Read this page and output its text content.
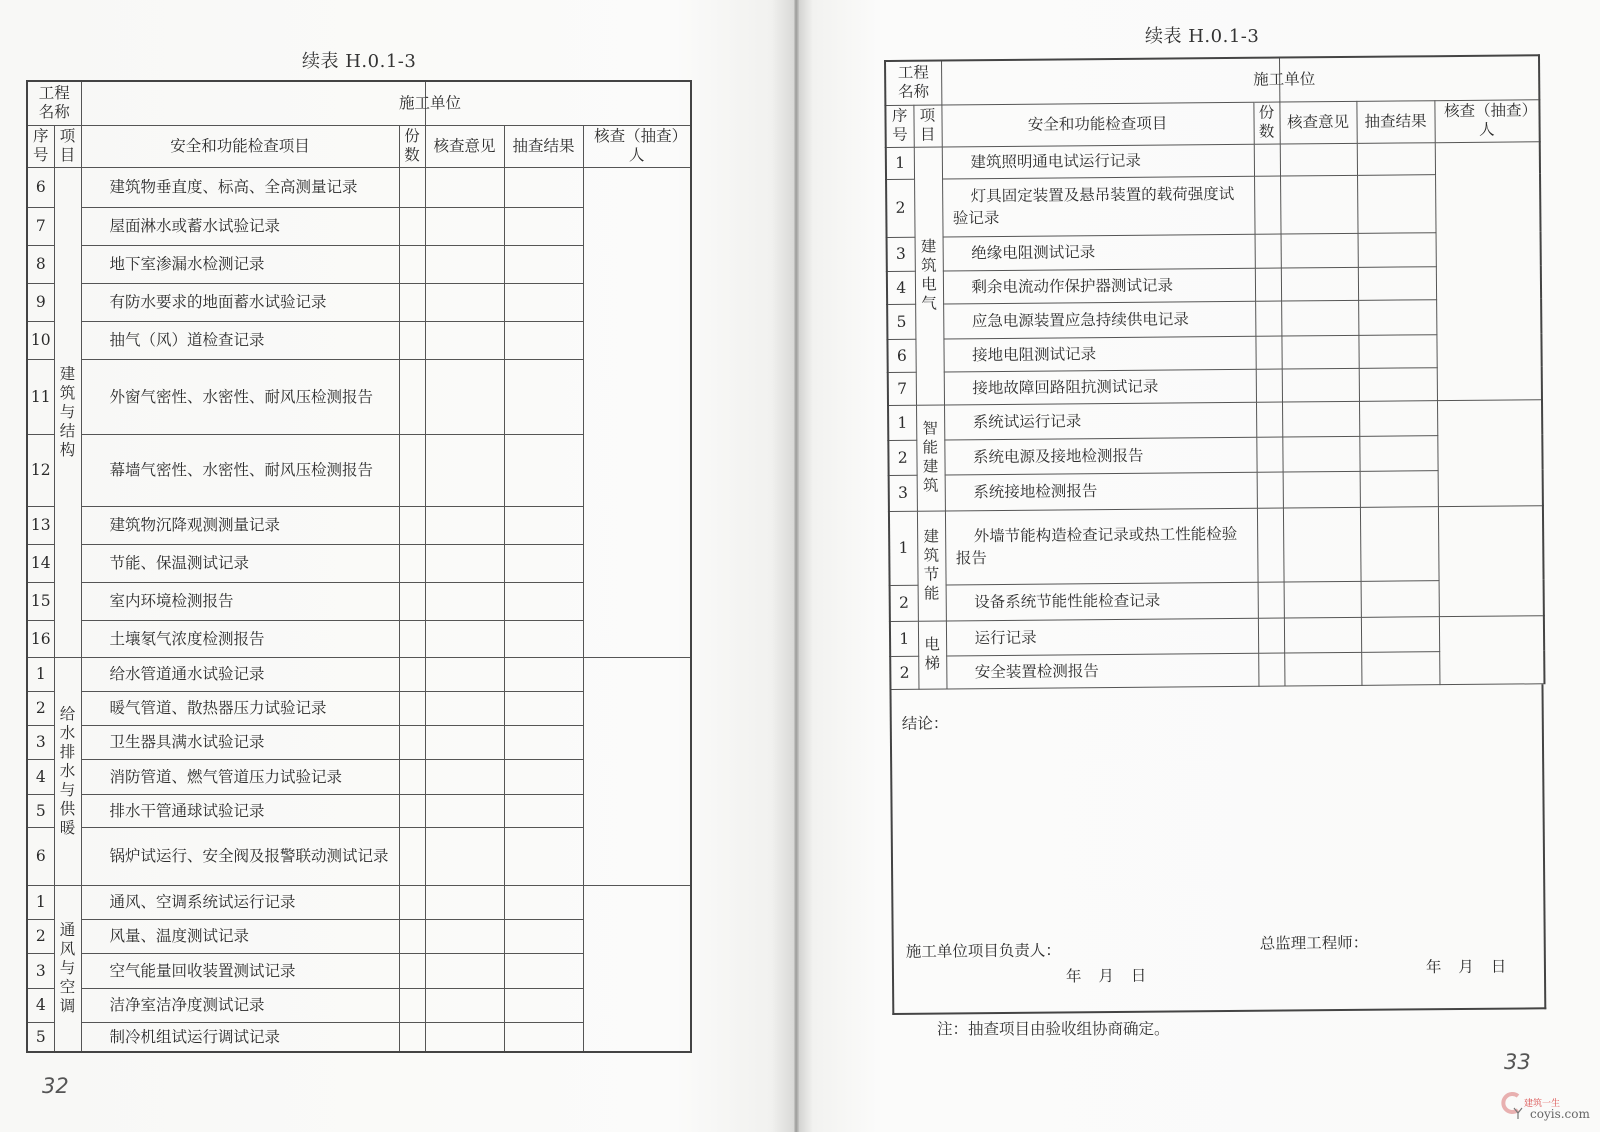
续表 H.0.1-3
工程名称			施工单位			
序号	项目	安全和功能检查项目	份数	核查意见	抽查结果	核查（抽查）人
6	建筑与结构	建筑物垂直度、标高、全高测量记录				
7		屋面淋水或蓄水试验记录				
8		地下室渗漏水检测记录				
9		有防水要求的地面蓄水试验记录				
10		抽气（风）道检查记录				
11		外窗气密性、水密性、耐风压检测报告				
12		幕墙气密性、水密性、耐风压检测报告				
13		建筑物沉降观测测量记录				
14		节能、保温测试记录				
15		室内环境检测报告				
16		土壤氡气浓度检测报告				
1	给水排水与供暖	给水管道通水试验记录				
2		暖气管道、散热器压力试验记录				
3		卫生器具满水试验记录				
4		消防管道、燃气管道压力试验记录				
5		排水干管通球试验记录				
6		锅炉试运行、安全阀及报警联动测试记录				
1	通风与空调	通风、空调系统试运行记录				
2		风量、温度测试记录				
3		空气能量回收装置测试记录				
4		洁净室洁净度测试记录				
5		制冷机组试运行调试记录				
32
续表 H.0.1-3
工程名称			施工单位			
序号	项目	安全和功能检查项目	份数	核查意见	抽查结果	核查（抽查）人
1	建筑电气	建筑照明通电试运行记录				
2		灯具固定装置及悬吊装置的载荷强度试验记录				
3		绝缘电阻测试记录				
4		剩余电流动作保护器测试记录				
5		应急电源装置应急持续供电记录				
6		接地电阻测试记录				
7		接地故障回路阻抗测试记录				
1	智能建筑	系统试运行记录				
2		系统电源及接地检测报告				
3		系统接地检测报告				
1	建筑节能	外墙节能构造检查记录或热工性能检验报告				
2		设备系统节能性能检查记录				
1	电梯	运行记录				
2		安全装置检测报告				
结论：
施工单位项目负责人：
年 月 日
总监理工程师：
年 月 日
注：抽查项目由验收组协商确定。
33
建筑一生
coyis.com
